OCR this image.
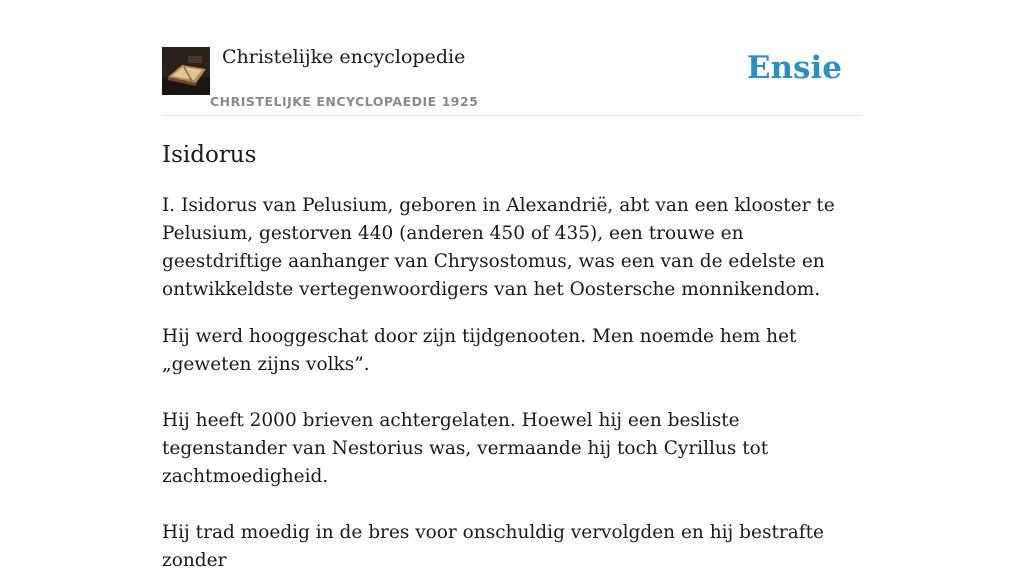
Christelijke encyclopedie
CHRISTELIJKE ENCYCLOPAEDIE 1925
Ensie
Isidorus

I. Isidorus van Pelusium, geboren in Alexandrië, abt van een klooster te Pelusium, gestorven 440 (anderen 450 of 435), een trouwe en geestdriftige aanhanger van Chrysostomus, was een van de edelste en ontwikkeldste vertegenwoordigers van het Oostersche monnikendom.

Hij werd hooggeschat door zijn tijdgenooten. Men noemde hem het „geweten zijns volks”.

Hij heeft 2000 brieven achtergelaten. Hoewel hij een besliste tegenstander van Nestorius was, vermaande hij toch Cyrillus tot zachtmoedigheid.

Hij trad moedig in de bres voor onschuldig vervolgden en hij bestrafte zonder
